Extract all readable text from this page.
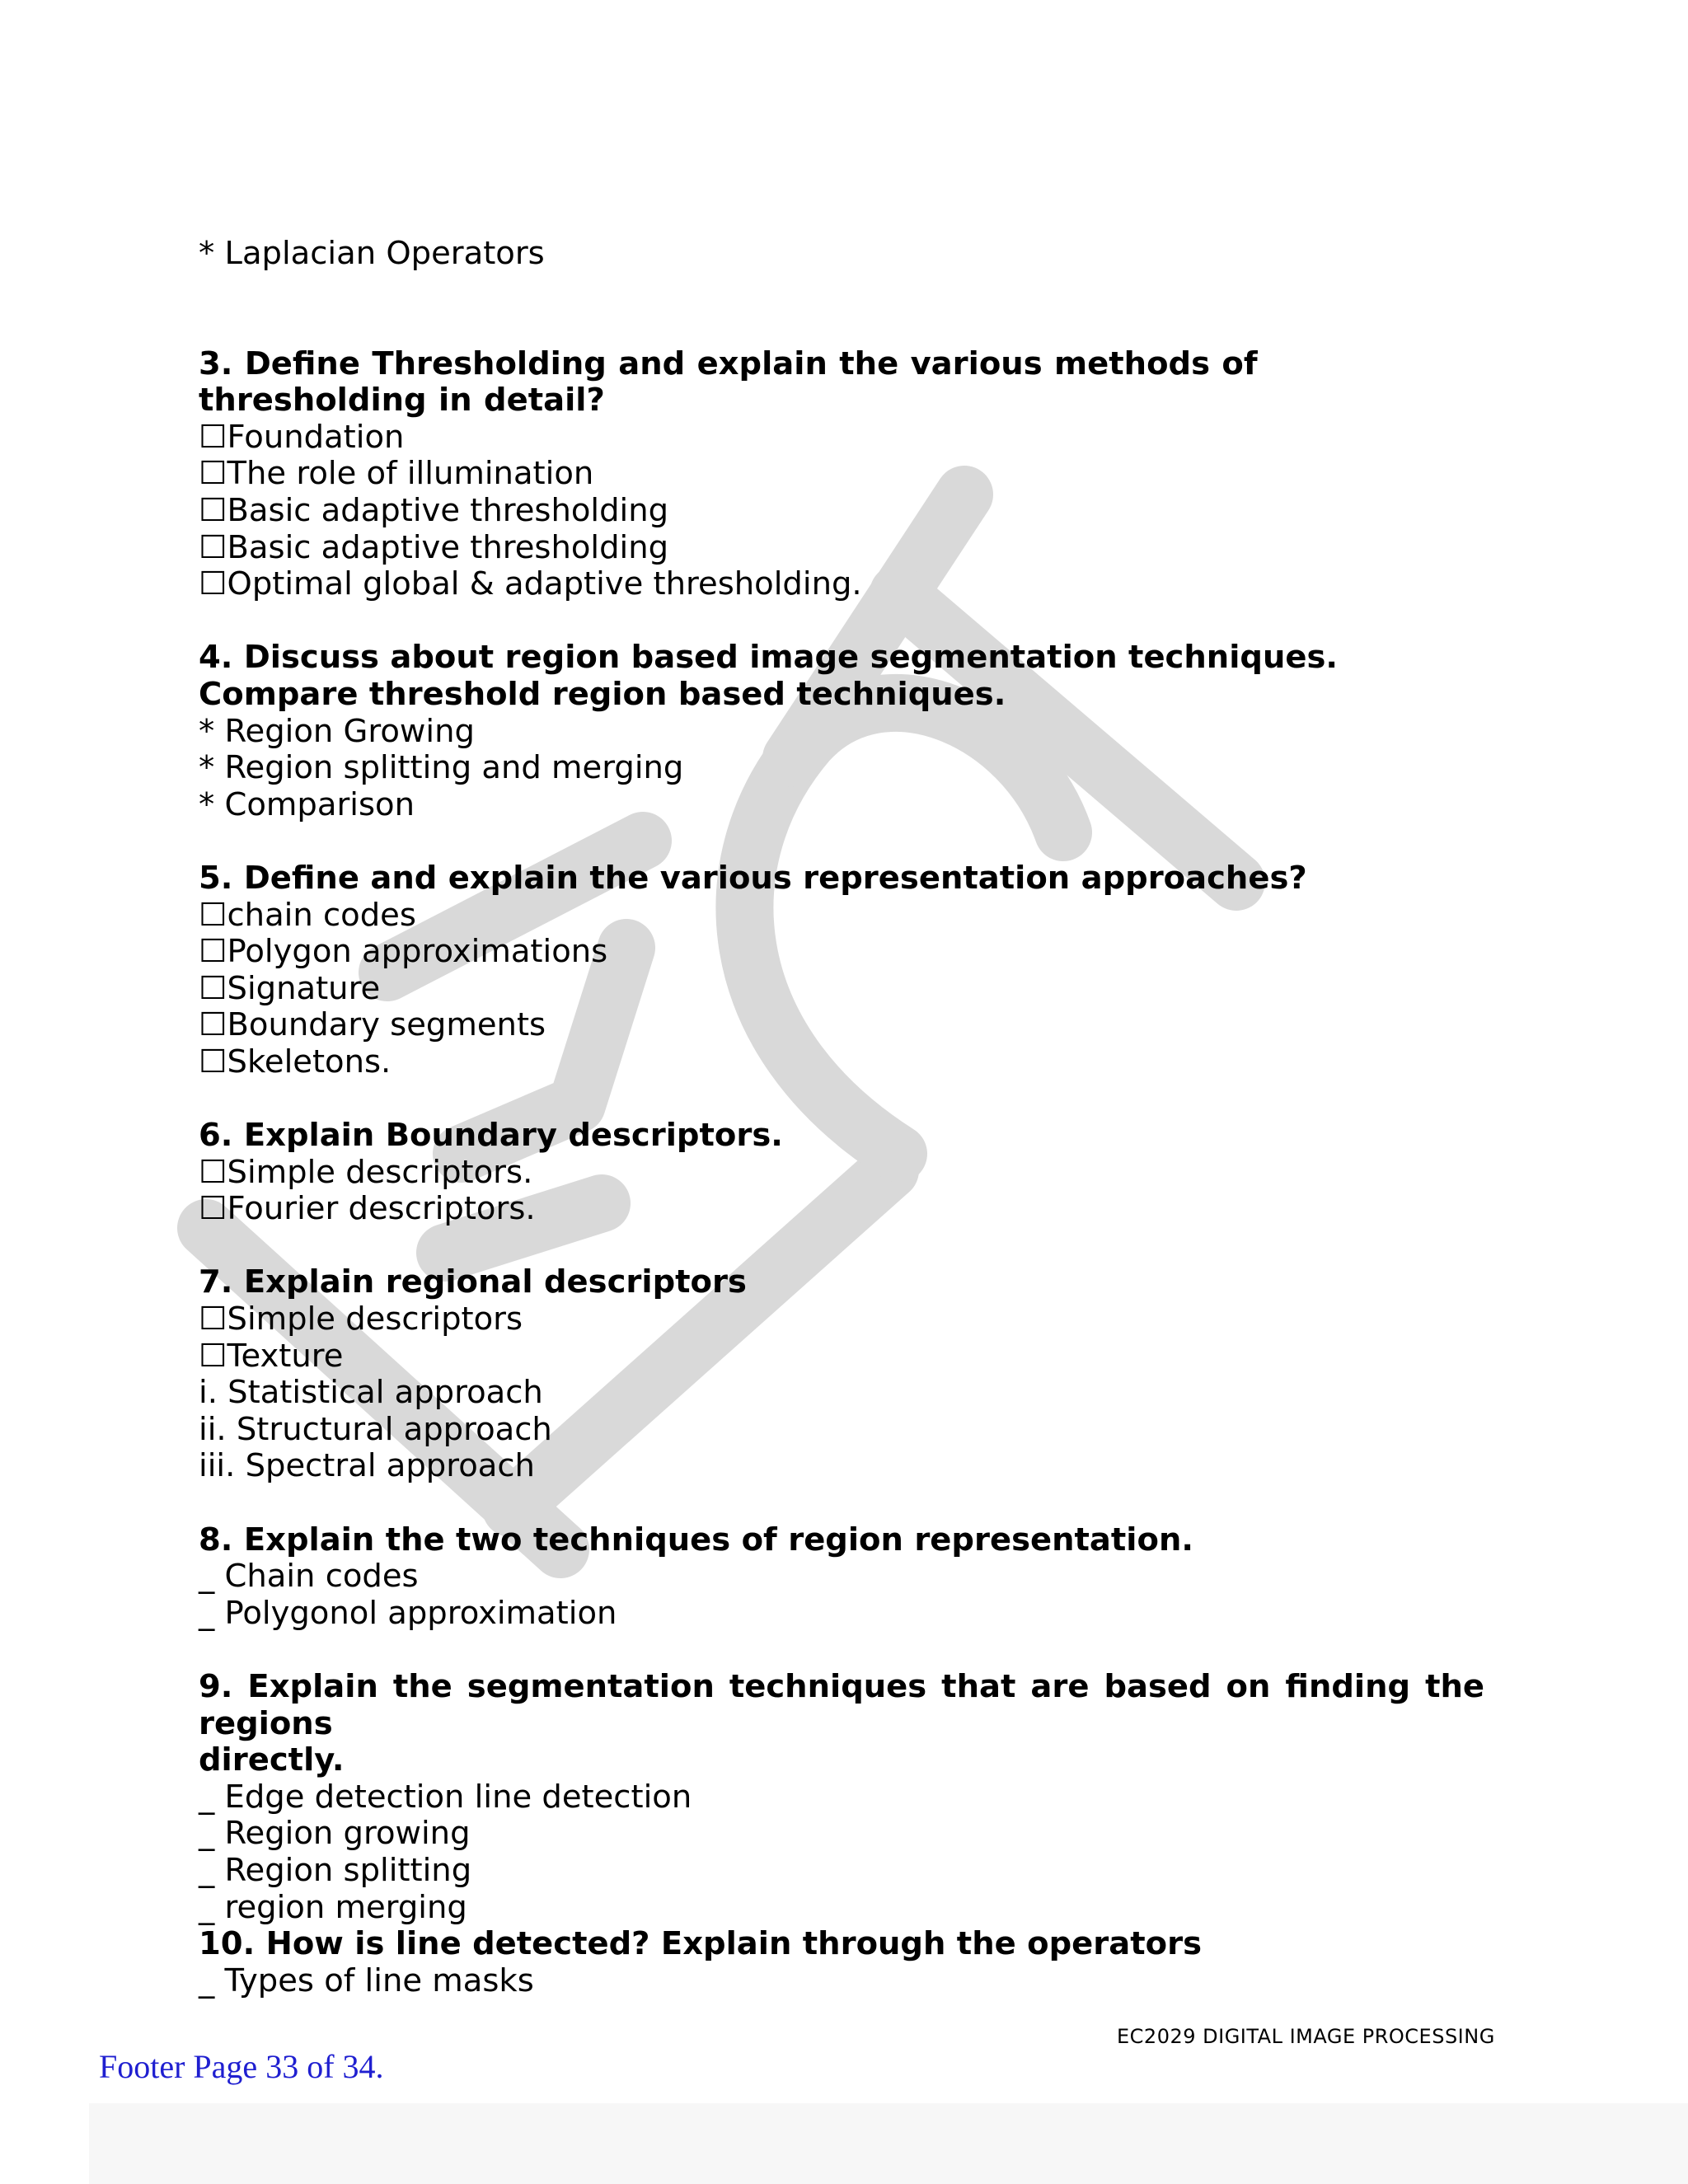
* Laplacian Operators
3. Define Thresholding and explain the various methods of thresholding in detail?
☐Foundation
☐The role of illumination
☐Basic adaptive thresholding
☐Basic adaptive thresholding
☐Optimal global & adaptive thresholding.
4. Discuss about region based image segmentation techniques. Compare threshold region based techniques.
* Region Growing
* Region splitting and merging
* Comparison
5. Define and explain the various representation approaches?
☐chain codes
☐Polygon approximations
☐Signature
☐Boundary segments
☐Skeletons.
6. Explain Boundary descriptors.
☐Simple descriptors.
☐Fourier descriptors.
7. Explain regional descriptors
☐Simple descriptors
☐Texture
i. Statistical approach
ii. Structural approach
iii. Spectral approach
8. Explain the two techniques of region representation.
_ Chain codes
_ Polygonol approximation
9. Explain the segmentation techniques that are based on finding the regions
directly.
_ Edge detection line detection
_ Region growing
_ Region splitting
_ region merging
10. How is line detected? Explain through the operators
_ Types of line masks
EC2029 DIGITAL IMAGE PROCESSING
Footer Page 33 of 34.
